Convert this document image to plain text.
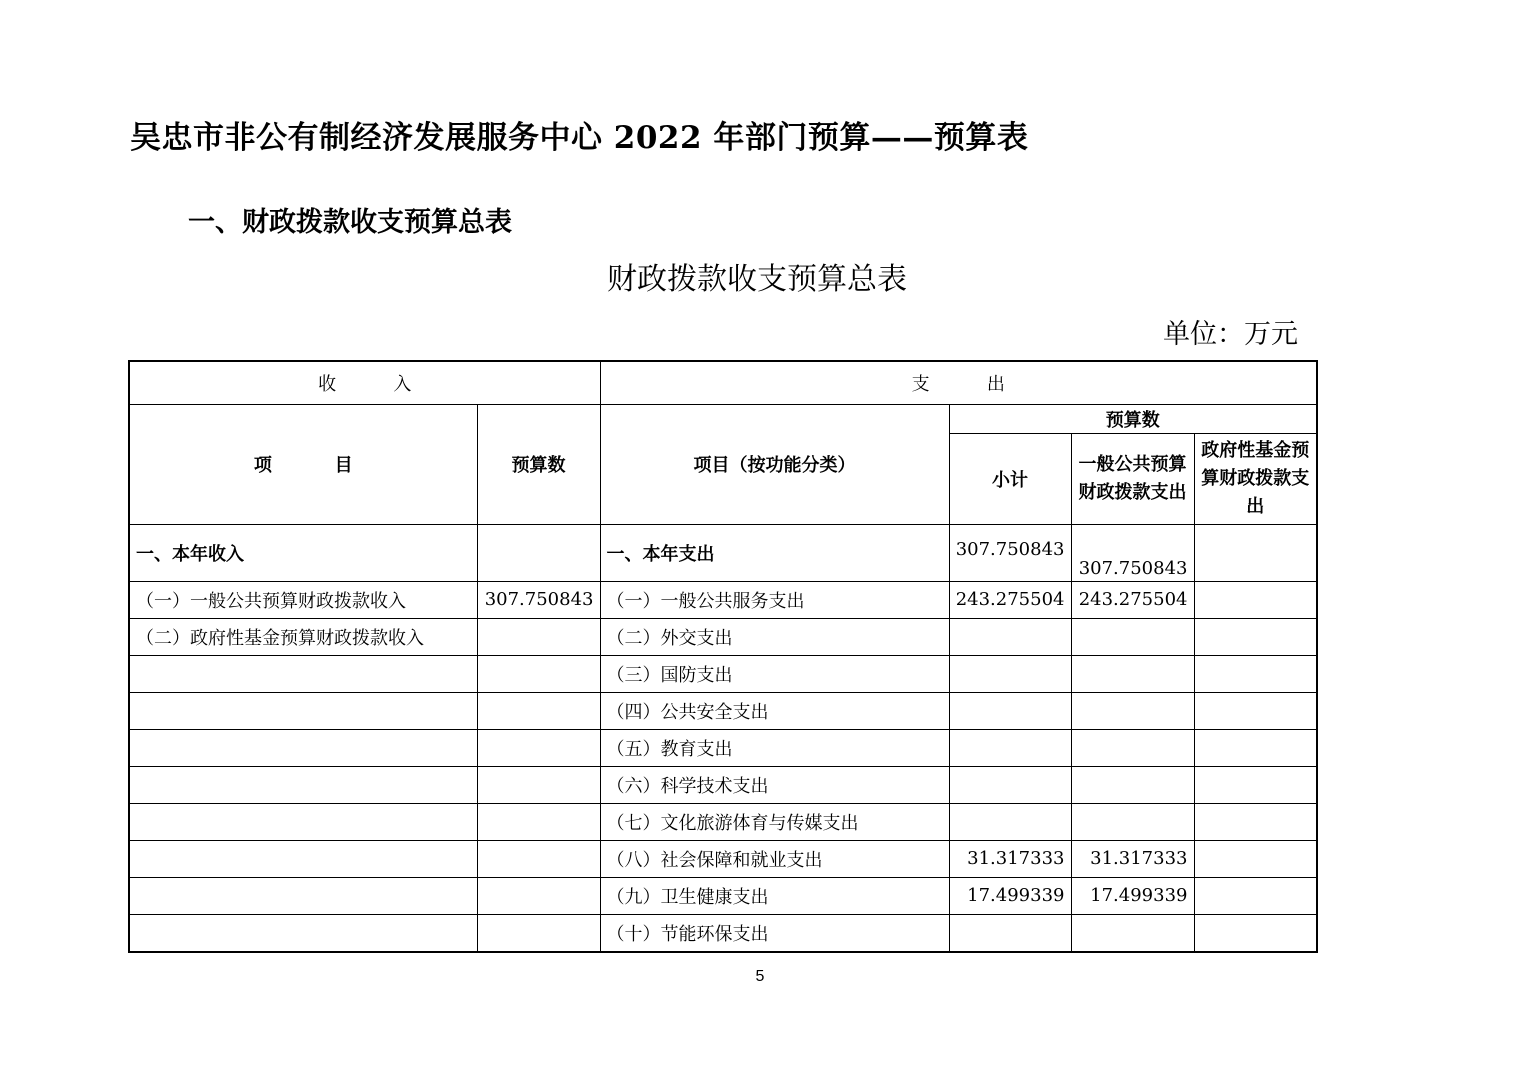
吴忠市非公有制经济发展服务中心 2022 年部门预算——预算表
一、财政拨款收支预算总表
财政拨款收支预算总表
单位：万元
收          入		支          出			
项          目	预算数	项目（按功能分类）	预算数		
			小计	一般公共预算财政拨款支出	政府性基金预算财政拨款支出
一、本年收入		一、本年支出	307.750843	307.750843	
（一）一般公共预算财政拨款收入	307.750843	（一）一般公共服务支出	243.275504	243.275504	
（二）政府性基金预算财政拨款收入		（二）外交支出			
		（三）国防支出			
		（四）公共安全支出			
		（五）教育支出			
		（六）科学技术支出			
		（七）文化旅游体育与传媒支出			
		（八）社会保障和就业支出	31.317333	31.317333	
		（九）卫生健康支出	17.499339	17.499339	
		（十）节能环保支出			
5
